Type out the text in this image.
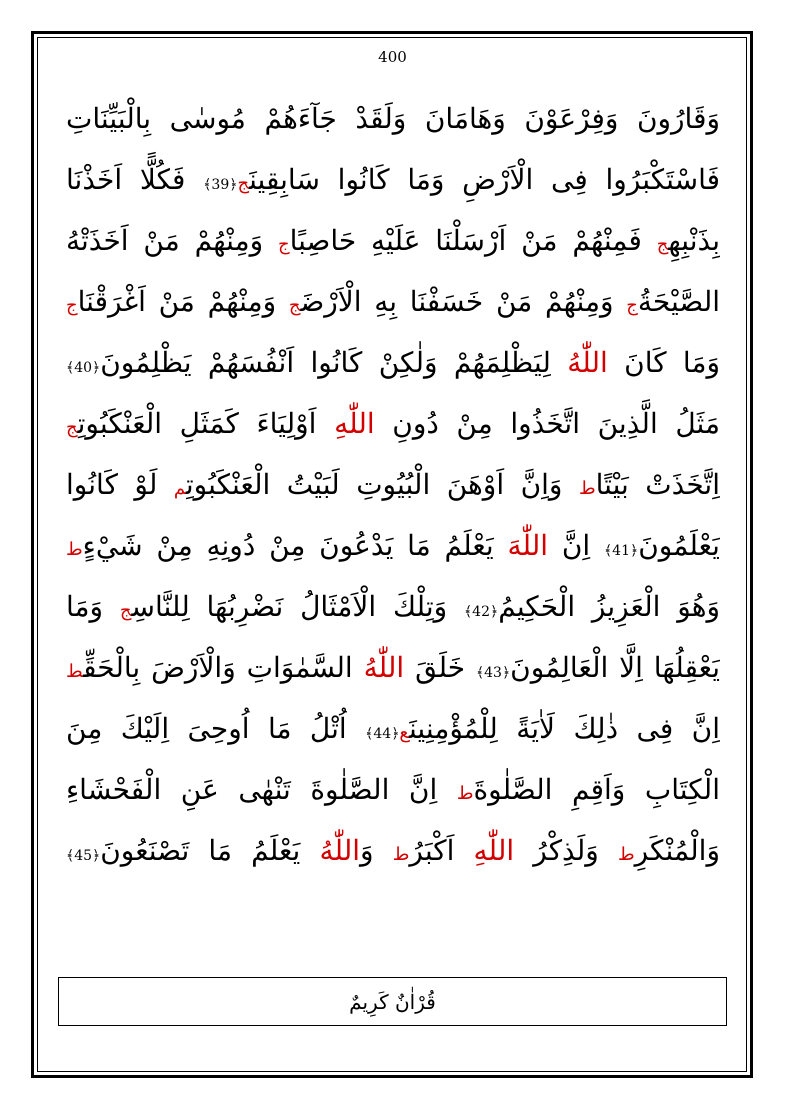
400
وَقَارُونَ وَفِرْعَوْنَ وَهَامَانَ وَلَقَدْ جَآءَهُمْ مُوسٰى بِالْبَيِّنَاتِ
فَاسْتَكْبَرُوا فِى الْاَرْضِ وَمَا كَانُوا سَابِقِينَج﴿39﴾ فَكُلًّا اَخَذْنَا
بِذَنْبِهِج فَمِنْهُمْ مَنْ اَرْسَلْنَا عَلَيْهِ حَاصِبًاج وَمِنْهُمْ مَنْ اَخَذَتْهُ
الصَّيْحَةُج وَمِنْهُمْ مَنْ خَسَفْنَا بِهِ الْاَرْضَج وَمِنْهُمْ مَنْ اَغْرَقْنَاج
وَمَا كَانَ اللّٰهُ لِيَظْلِمَهُمْ وَلٰكِنْ كَانُوا اَنْفُسَهُمْ يَظْلِمُونَ﴿40﴾
مَثَلُ الَّذِينَ اتَّخَذُوا مِنْ دُونِ اللّٰهِ اَوْلِيَاءَ كَمَثَلِ الْعَنْكَبُوتِج
اِتَّخَذَتْ بَيْتًاط وَاِنَّ اَوْهَنَ الْبُيُوتِ لَبَيْتُ الْعَنْكَبُوتِم لَوْ كَانُوا
يَعْلَمُونَ﴿41﴾ اِنَّ اللّٰهَ يَعْلَمُ مَا يَدْعُونَ مِنْ دُونِهِ مِنْ شَيْءٍط
وَهُوَ الْعَزِيزُ الْحَكِيمُ﴿42﴾ وَتِلْكَ الْاَمْثَالُ نَضْرِبُهَا لِلنَّاسِج وَمَا
يَعْقِلُهَا اِلَّا الْعَالِمُونَ﴿43﴾ خَلَقَ اللّٰهُ السَّمٰوَاتِ وَالْاَرْضَ بِالْحَقِّط
اِنَّ فِى ذٰلِكَ لَاٰيَةً لِلْمُؤْمِنِينَع﴿44﴾ اُتْلُ مَا اُوحِىَ اِلَيْكَ مِنَ
الْكِتَابِ وَاَقِمِ الصَّلٰوةَط اِنَّ الصَّلٰوةَ تَنْهٰى عَنِ الْفَحْشَاءِ
وَالْمُنْكَرِط وَلَذِكْرُ اللّٰهِ اَكْبَرُط وَاللّٰهُ يَعْلَمُ مَا تَصْنَعُونَ﴿45﴾
قُرْاٰنٌ كَرِيمٌ
